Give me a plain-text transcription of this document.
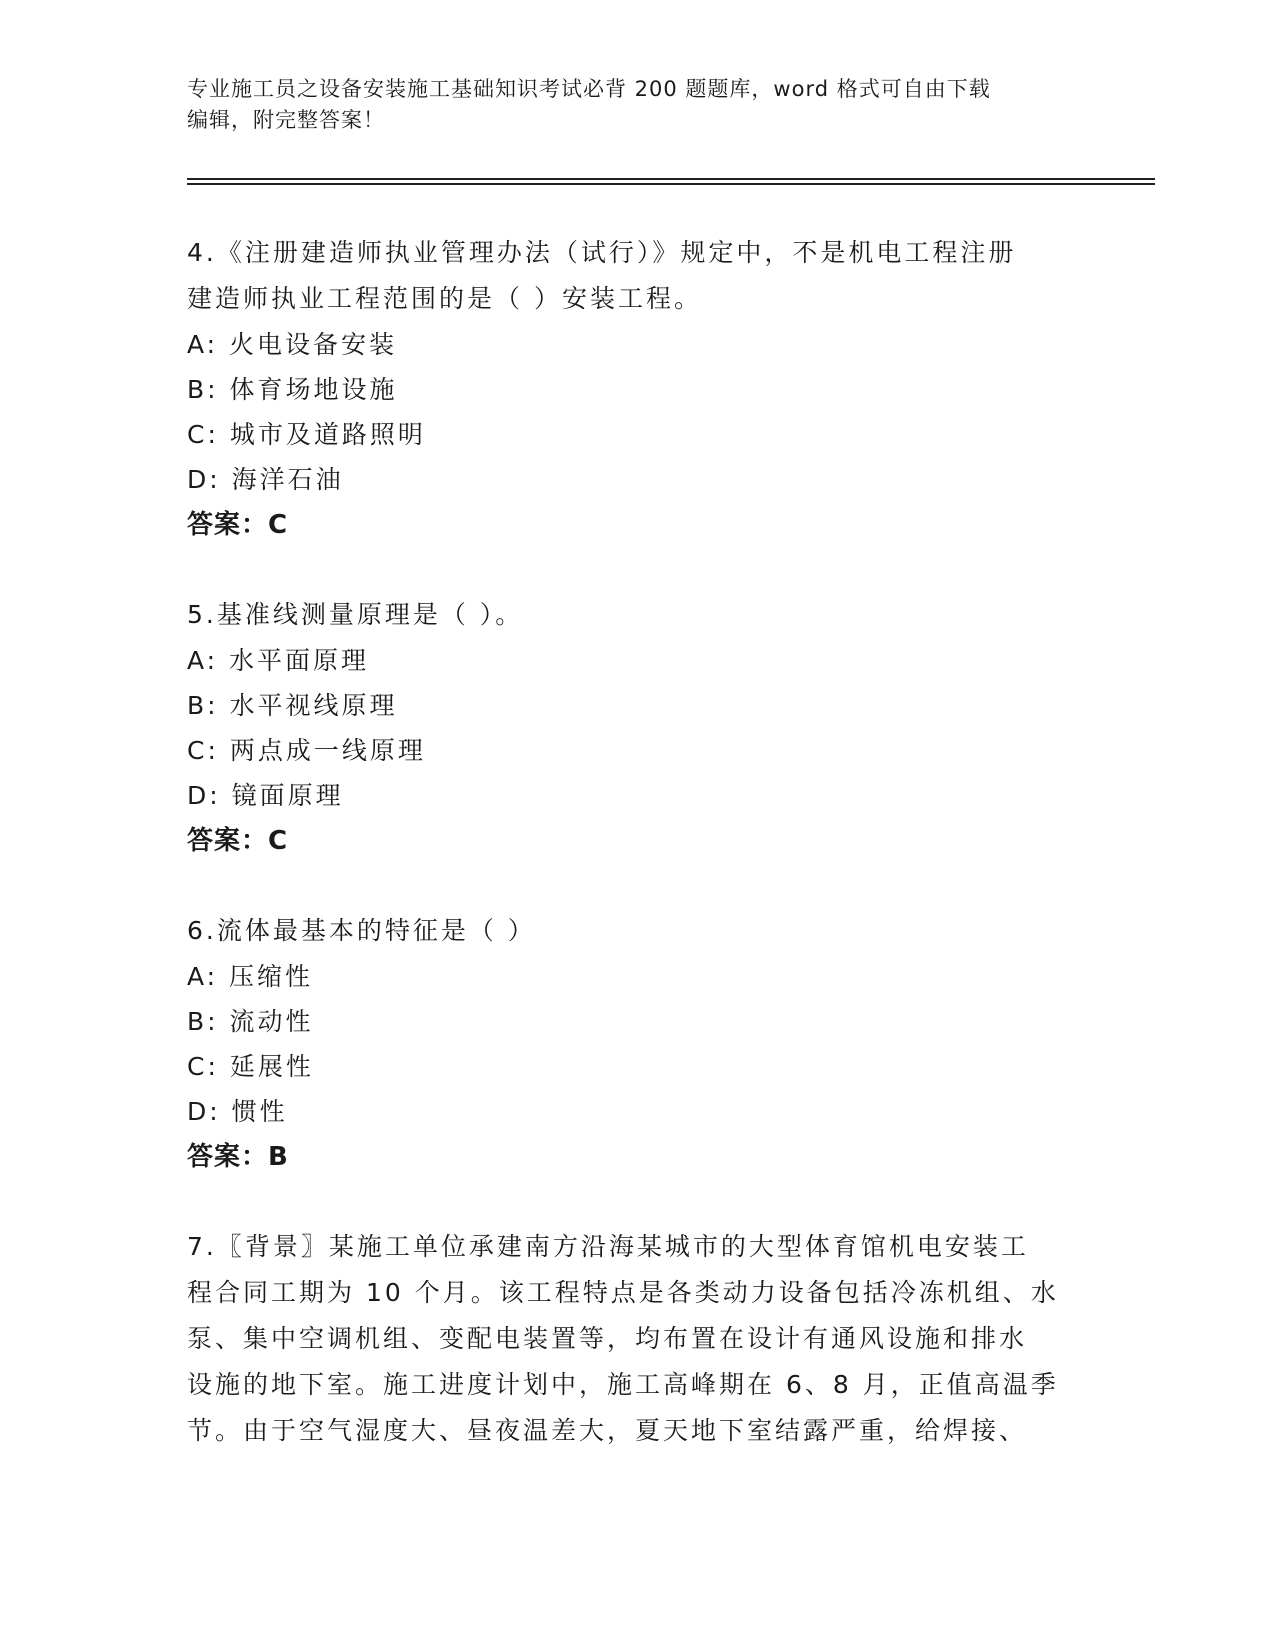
专业施工员之设备安装施工基础知识考试必背 200 题题库，word 格式可自由下载
编辑，附完整答案！
4.《注册建造师执业管理办法（试行）》规定中，不是机电工程注册
建造师执业工程范围的是（ ）安装工程。
A: 火电设备安装
B: 体育场地设施
C: 城市及道路照明
D: 海洋石油
答案：C
5.基准线测量原理是（ ）。
A: 水平面原理
B: 水平视线原理
C: 两点成一线原理
D: 镜面原理
答案：C
6.流体最基本的特征是（ ）
A: 压缩性
B: 流动性
C: 延展性
D: 惯性
答案：B
7.〖背景〗某施工单位承建南方沿海某城市的大型体育馆机电安装工
程合同工期为 10 个月。该工程特点是各类动力设备包括冷冻机组、水
泵、集中空调机组、变配电装置等，均布置在设计有通风设施和排水
设施的地下室。施工进度计划中，施工高峰期在 6、8 月，正值高温季
节。由于空气湿度大、昼夜温差大，夏天地下室结露严重，给焊接、
